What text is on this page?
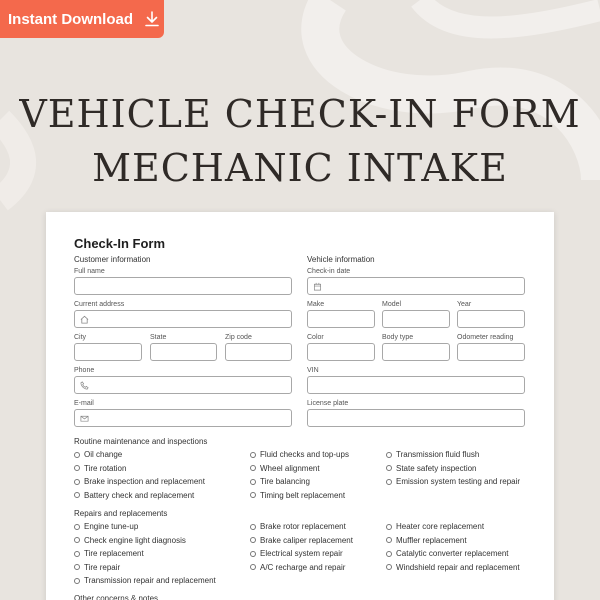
Instant Download
VEHICLE CHECK-IN FORM
MECHANIC INTAKE
Check-In Form
Customer information
Full name
Current address
City	State	Zip code
Phone
E-mail
Vehicle information
Check-in date
Make	Model	Year
Color	Body type	Odometer reading
VIN
License plate
Routine maintenance and inspections
Oil change
Tire rotation
Brake inspection and replacement
Battery check and replacement
Fluid checks and top-ups
Wheel alignment
Tire balancing
Timing belt replacement
Transmission fluid flush
State safety inspection
Emission system testing and repair
Repairs and replacements
Engine tune-up
Check engine light diagnosis
Tire replacement
Tire repair
Transmission repair and replacement
Brake rotor replacement
Brake caliper replacement
Electrical system repair
A/C recharge and repair
Heater core replacement
Muffler replacement
Catalytic converter replacement
Windshield repair and replacement
Other concerns & notes
